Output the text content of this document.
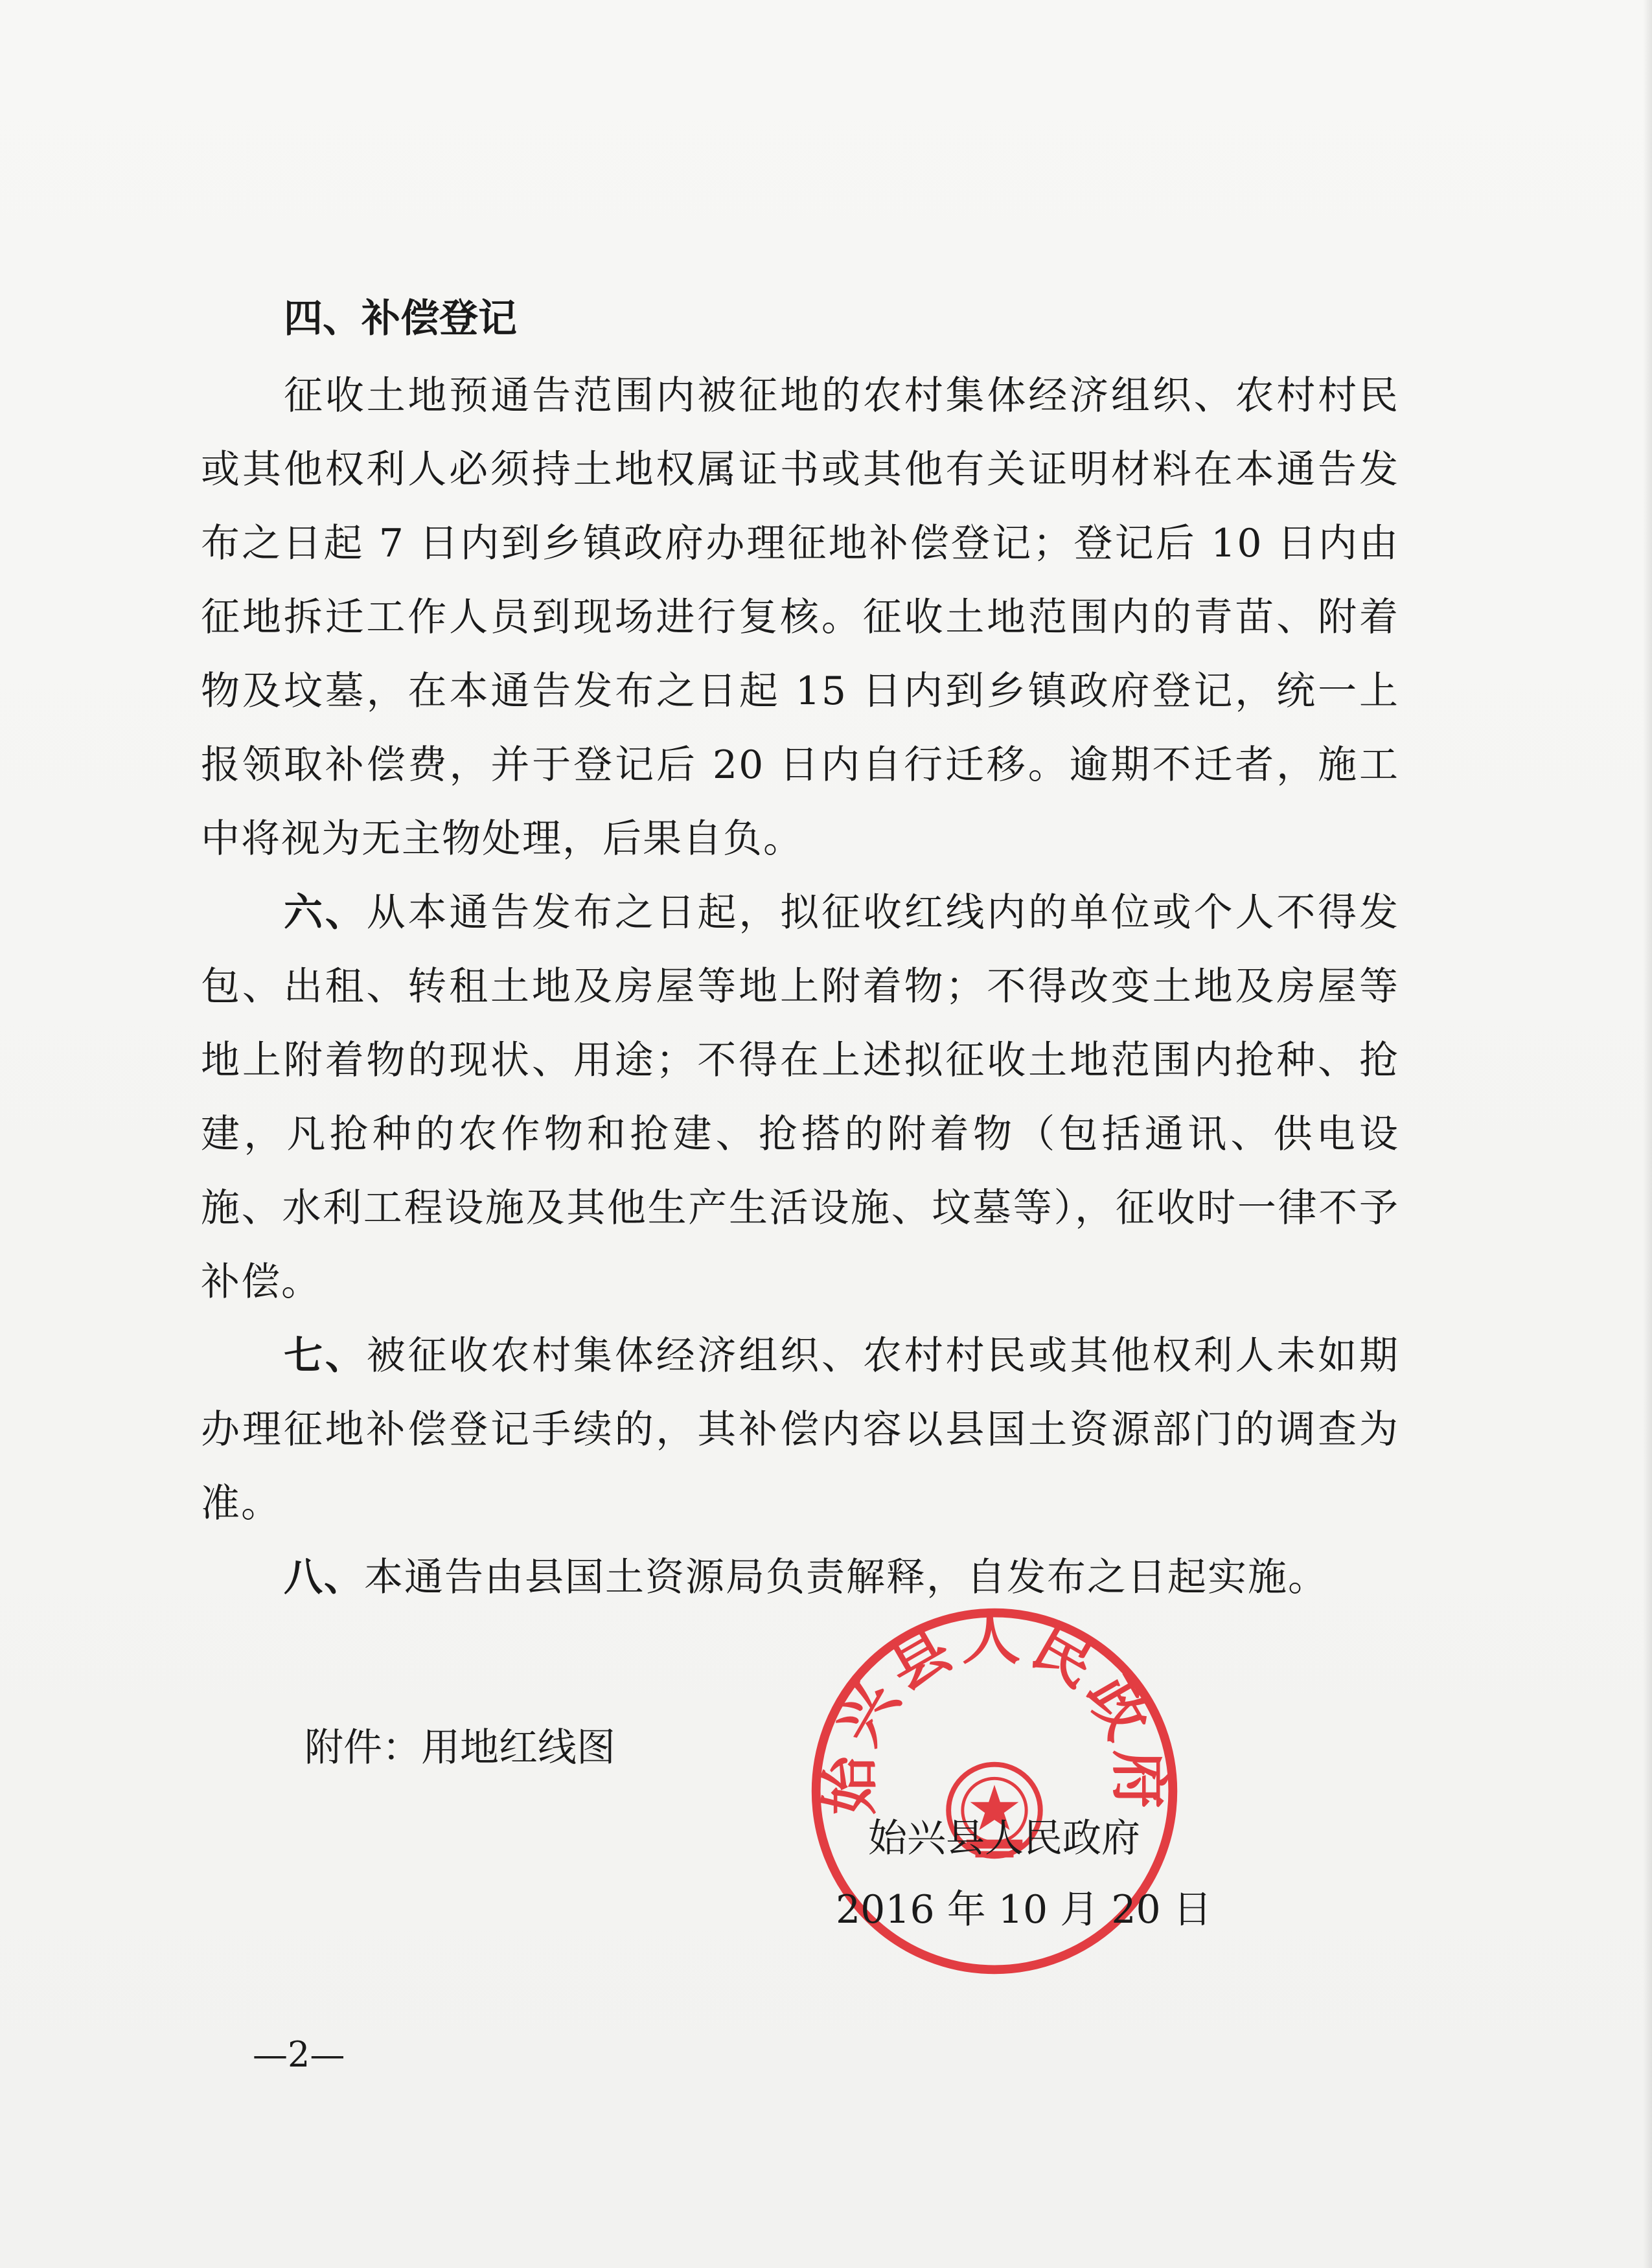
四、补偿登记

征收土地预通告范围内被征地的农村集体经济组织、农村村民或其他权利人必须持土地权属证书或其他有关证明材料在本通告发布之日起 7 日内到乡镇政府办理征地补偿登记；登记后 10 日内由征地拆迁工作人员到现场进行复核。征收土地范围内的青苗、附着物及坟墓，在本通告发布之日起 15 日内到乡镇政府登记，统一上报领取补偿费，并于登记后 20 日内自行迁移。逾期不迁者，施工中将视为无主物处理，后果自负。

六、从本通告发布之日起，拟征收红线内的单位或个人不得发包、出租、转租土地及房屋等地上附着物；不得改变土地及房屋等地上附着物的现状、用途；不得在上述拟征收土地范围内抢种、抢建，凡抢种的农作物和抢建、抢搭的附着物（包括通讯、供电设施、水利工程设施及其他生产生活设施、坟墓等），征收时一律不予补偿。

七、被征收农村集体经济组织、农村村民或其他权利人未如期办理征地补偿登记手续的，其补偿内容以县国土资源部门的调查为准。

八、本通告由县国土资源局负责解释，自发布之日起实施。

附件：用地红线图
始兴县人民政府
始兴县人民政府
2016 年 10 月 20 日
—2—
